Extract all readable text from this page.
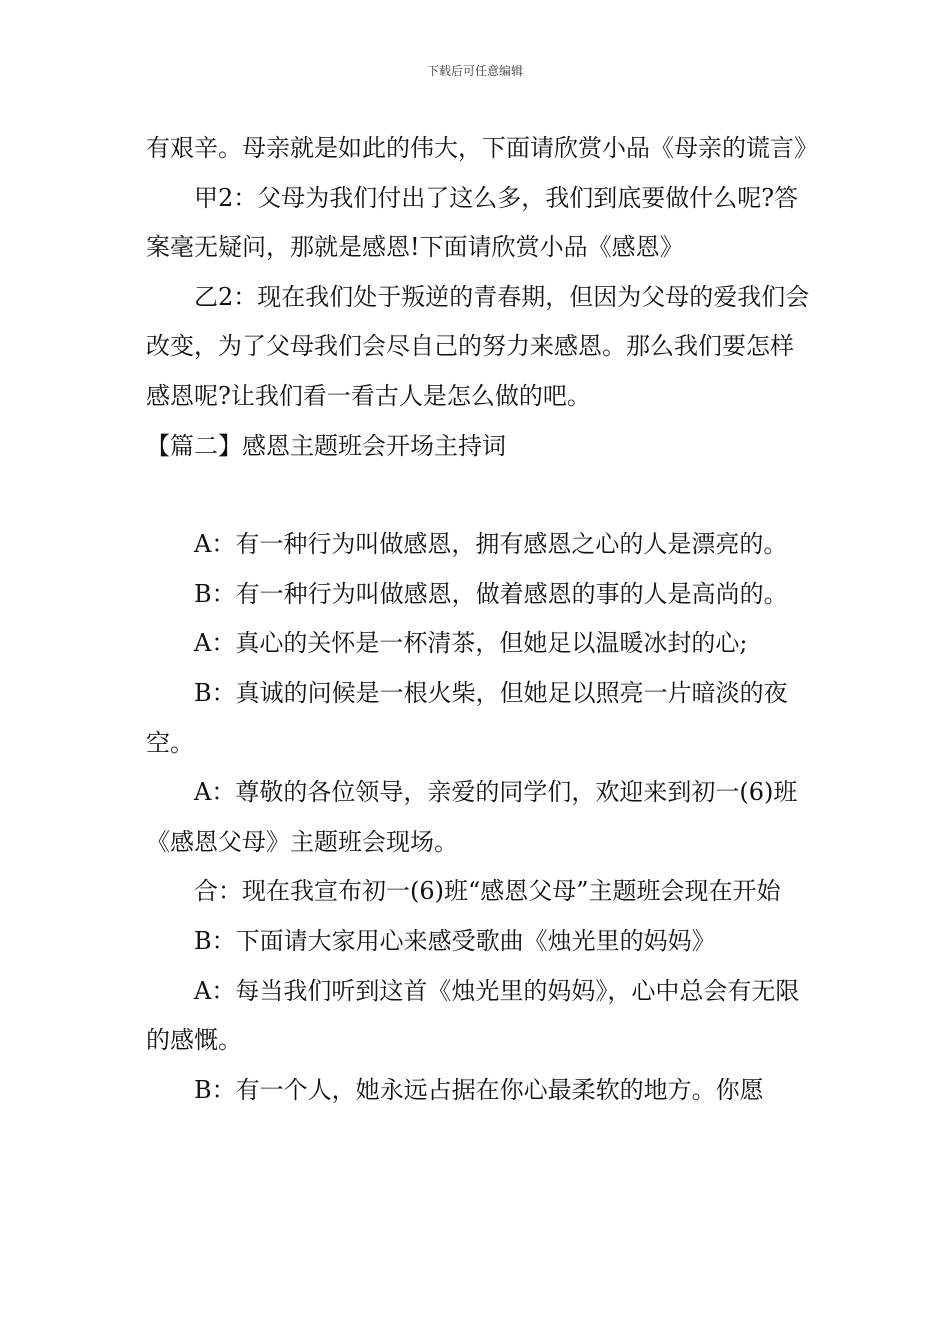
下载后可任意编辑

有艰辛。母亲就是如此的伟大，下面请欣赏小品《母亲的谎言》

甲2：父母为我们付出了这么多，我们到底要做什么呢?答案毫无疑问，那就是感恩!下面请欣赏小品《感恩》

乙2：现在我们处于叛逆的青春期，但因为父母的爱我们会改变，为了父母我们会尽自己的努力来感恩。那么我们要怎样感恩呢?让我们看一看古人是怎么做的吧。

【篇二】感恩主题班会开场主持词

A：有一种行为叫做感恩，拥有感恩之心的人是漂亮的。

B：有一种行为叫做感恩，做着感恩的事的人是高尚的。

A：真心的关怀是一杯清茶，但她足以温暖冰封的心;

B：真诚的问候是一根火柴，但她足以照亮一片暗淡的夜空。

A：尊敬的各位领导，亲爱的同学们，欢迎来到初一(6)班《感恩父母》主题班会现场。

合：现在我宣布初一(6)班“感恩父母”主题班会现在开始

B：下面请大家用心来感受歌曲《烛光里的妈妈》

A：每当我们听到这首《烛光里的妈妈》，心中总会有无限的感慨。

B：有一个人，她永远占据在你心最柔软的地方。你愿
